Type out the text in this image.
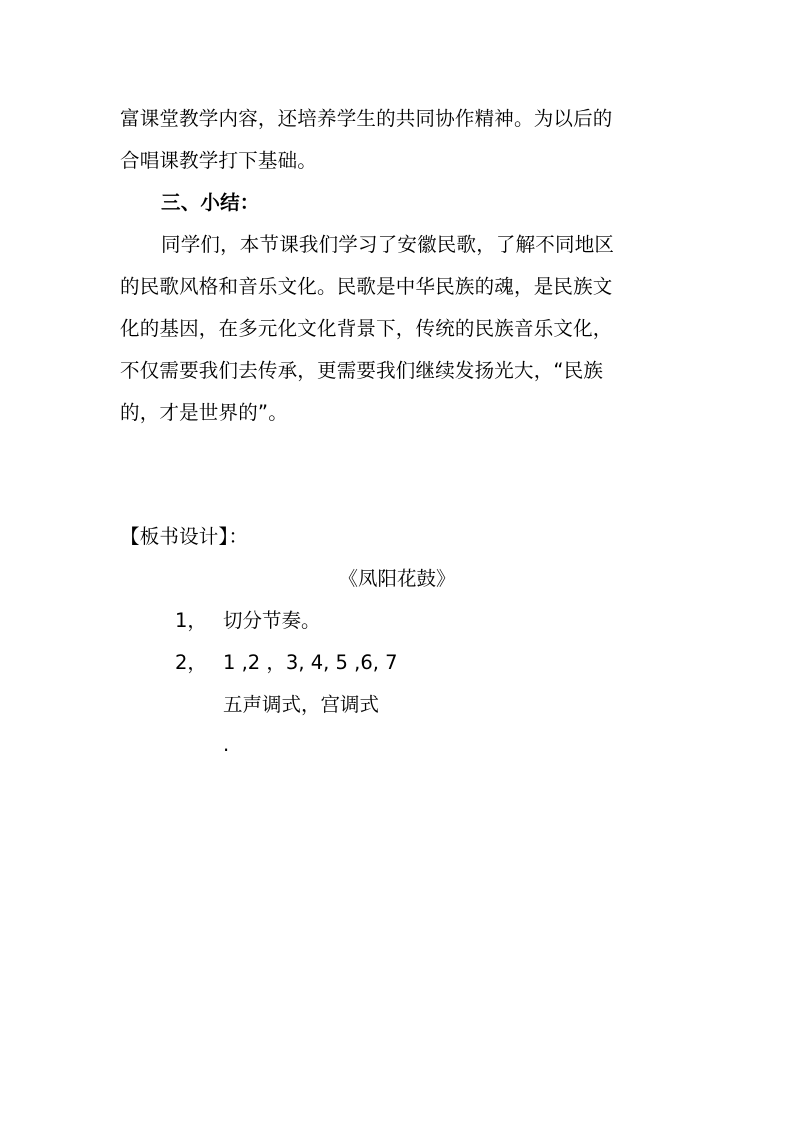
富课堂教学内容，还培养学生的共同协作精神。为以后的
合唱课教学打下基础。
三、小结：
同学们，本节课我们学习了安徽民歌，了解不同地区
的民歌风格和音乐文化。民歌是中华民族的魂，是民族文
化的基因，在多元化文化背景下，传统的民族音乐文化，
不仅需要我们去传承，更需要我们继续发扬光大，“民族
的，才是世界的”。
【板书设计】：
《凤阳花鼓》
1， 切分节奏。
2， 1 ,2 ，3, 4, 5 ,6, 7
五声调式，宫调式
.
